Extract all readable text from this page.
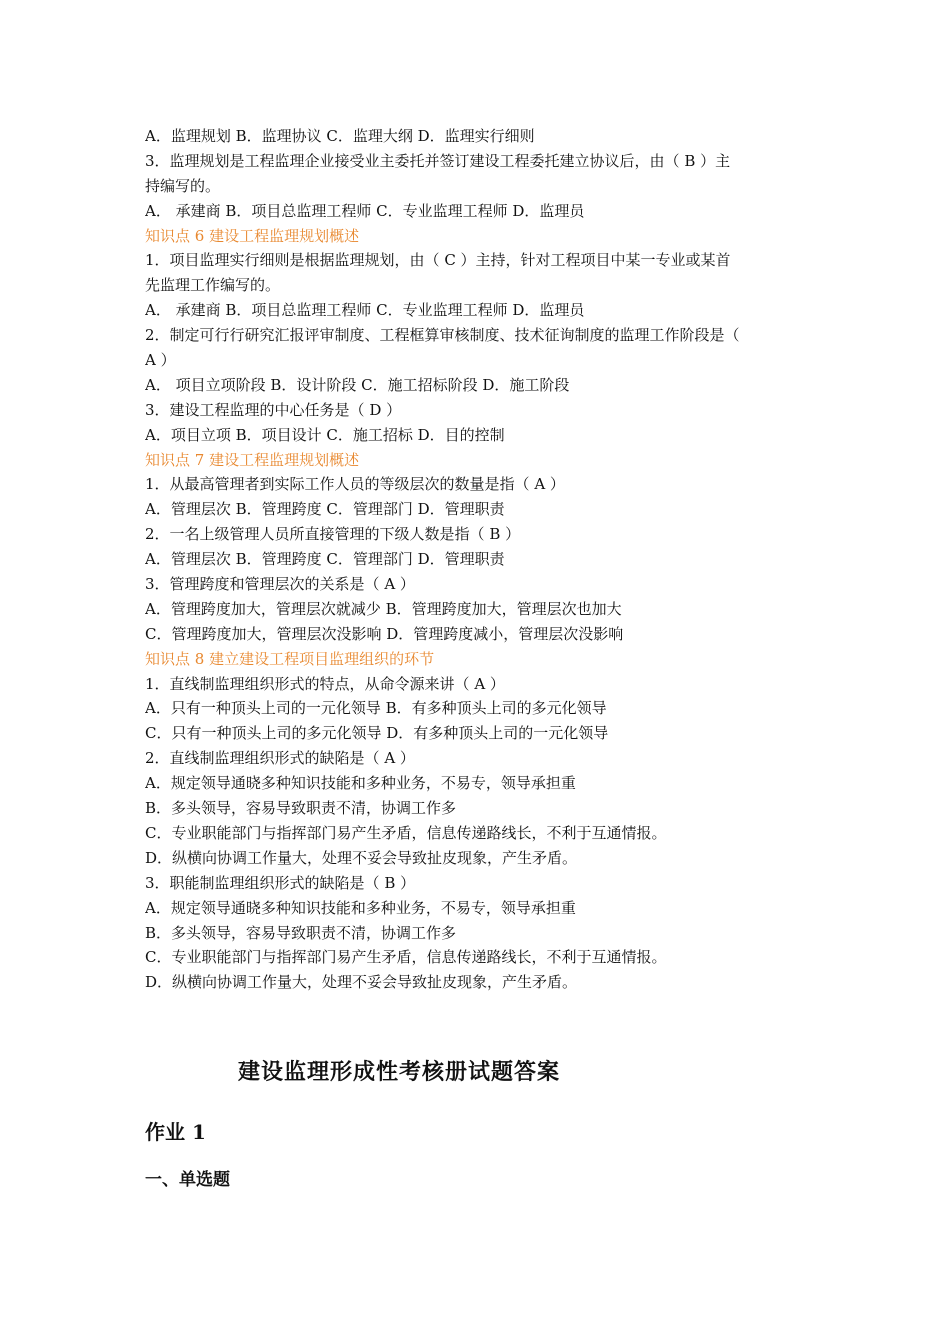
A．监理规划 B．监理协议 C．监理大纲 D．监理实行细则
3．监理规划是工程监理企业接受业主委托并签订建设工程委托建立协议后，由（ B ）主
持编写的。
A． 承建商 B．项目总监理工程师 C．专业监理工程师 D．监理员
知识点 6 建设工程监理规划概述
1．项目监理实行细则是根据监理规划，由（ C ）主持，针对工程项目中某一专业或某首
先监理工作编写的。
A． 承建商 B．项目总监理工程师 C．专业监理工程师 D．监理员
2．制定可行行研究汇报评审制度、工程框算审核制度、技术征询制度的监理工作阶段是（
A ）
A． 项目立项阶段 B．设计阶段 C．施工招标阶段 D．施工阶段
3．建设工程监理的中心任务是（ D ）
A．项目立项 B．项目设计 C．施工招标 D．目的控制
知识点 7 建设工程监理规划概述
1．从最高管理者到实际工作人员的等级层次的数量是指（ A ）
A．管理层次 B．管理跨度 C．管理部门 D．管理职责
2．一名上级管理人员所直接管理的下级人数是指（ B ）
A．管理层次 B．管理跨度 C．管理部门 D．管理职责
3．管理跨度和管理层次的关系是（ A ）
A．管理跨度加大，管理层次就减少 B．管理跨度加大，管理层次也加大
C．管理跨度加大，管理层次没影响 D．管理跨度减小，管理层次没影响
知识点 8 建立建设工程项目监理组织的环节
1．直线制监理组织形式的特点，从命令源来讲（ A ）
A．只有一种顶头上司的一元化领导 B．有多种顶头上司的多元化领导
C．只有一种顶头上司的多元化领导 D．有多种顶头上司的一元化领导
2．直线制监理组织形式的缺陷是（ A ）
A．规定领导通晓多种知识技能和多种业务，不易专，领导承担重
B．多头领导，容易导致职责不清，协调工作多
C．专业职能部门与指挥部门易产生矛盾，信息传递路线长，不利于互通情报。
D．纵横向协调工作量大，处理不妥会导致扯皮现象，产生矛盾。
3．职能制监理组织形式的缺陷是（ B ）
A．规定领导通晓多种知识技能和多种业务，不易专，领导承担重
B．多头领导，容易导致职责不清，协调工作多
C．专业职能部门与指挥部门易产生矛盾，信息传递路线长，不利于互通情报。
D．纵横向协调工作量大，处理不妥会导致扯皮现象，产生矛盾。
建设监理形成性考核册试题答案
作业 1
一、单选题
